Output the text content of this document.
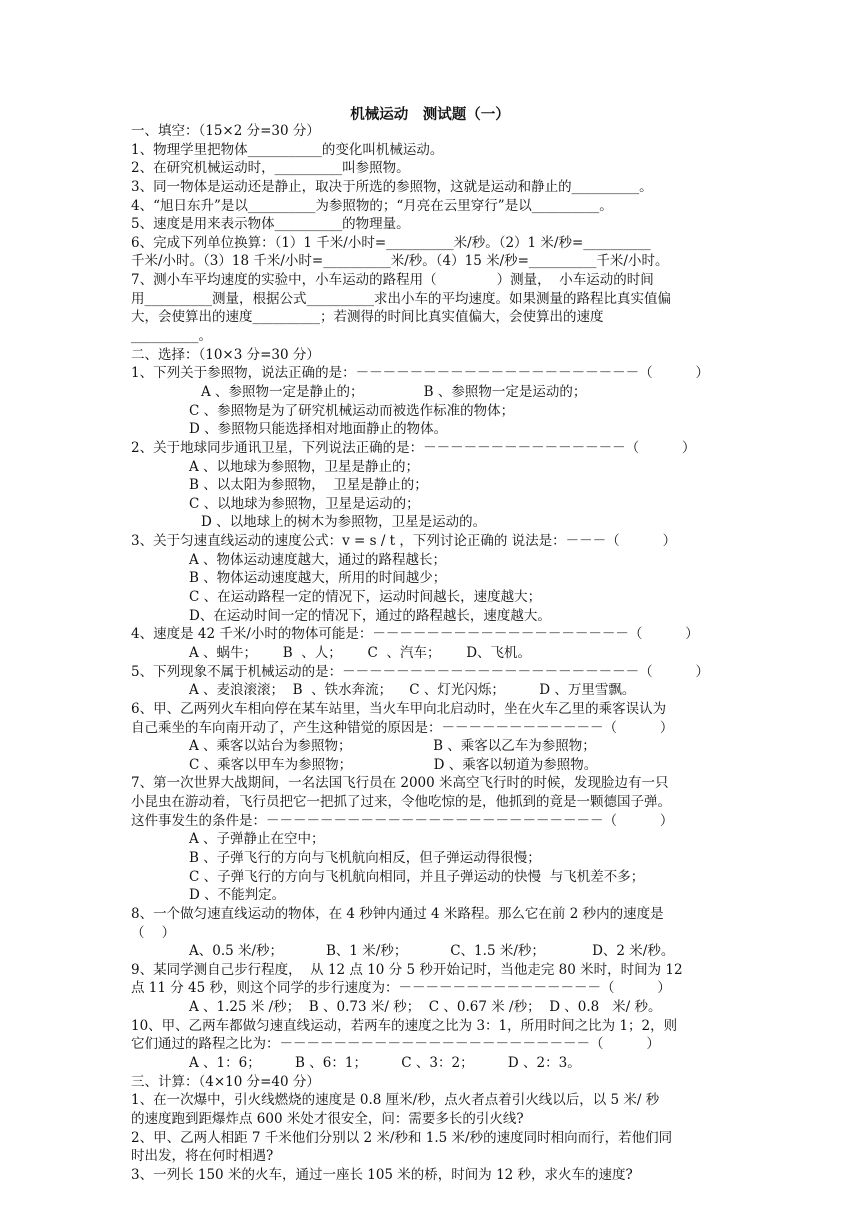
机械运动　测试题（一）
一、填空：（15×2 分=30 分）
1、物理学里把物体___________的变化叫机械运动。
2、在研究机械运动时，__________叫参照物。
3、同一物体是运动还是静止，取决于所选的参照物，这就是运动和静止的__________。
4、“旭日东升”是以__________为参照物的；“月亮在云里穿行”是以__________。
5、速度是用来表示物体__________的物理量。
6、完成下列单位换算：（1）1 千米/小时=__________米/秒。（2）1 米/秒=__________
千米/小时。（3）18 千米/小时=__________米/秒。（4）15 米/秒=__________千米/小时。
7、测小车平均速度的实验中，小车运动的路程用（              ）测量，  小车运动的时间
用__________测量，根据公式__________求出小车的平均速度。如果测量的路程比真实值偏
大，会使算出的速度__________；若测得的时间比真实值偏大，会使算出的速度
__________。
二、选择：（10×3 分=30 分）
1、下列关于参照物，说法正确的是：－－－－－－－－－－－－－－－－－－－－－（          ）
A 、参照物一定是静止的；              B 、参照物一定是运动的；
C 、参照物是为了研究机械运动而被选作标准的物体；
D 、参照物只能选择相对地面静止的物体。
2、关于地球同步通讯卫星，下列说法正确的是：－－－－－－－－－－－－－－－（          ）
A 、以地球为参照物，卫星是静止的；
B 、以太阳为参照物，  卫星是静止的；
C 、以地球为参照物，卫星是运动的；
D 、以地球上的树木为参照物，卫星是运动的。
3、关于匀速直线运动的速度公式：v = s / t ，下列讨论正确的 说法是：－－－（          ）
A 、物体运动速度越大，通过的路程越长；
B 、物体运动速度越大，所用的时间越少；
C 、在运动路程一定的情况下，运动时间越长，速度越大；
D、在运动时间一定的情况下，通过的路程越长，速度越大。
4、速度是 42 千米/小时的物体可能是：－－－－－－－－－－－－－－－－－－－（          ）
A 、蜗牛；      B  、人；      C  、汽车；      D、飞机。
5、下列现象不属于机械运动的是：－－－－－－－－－－－－－－－－－－－－－－（          ）
A 、麦浪滚滚；  B  、铁水奔流；    C 、灯光闪烁；        D 、万里雪飘。
6、甲、乙两列火车相向停在某车站里，当火车甲向北启动时，坐在火车乙里的乘客误认为
自己乘坐的车向南开动了，产生这种错觉的原因是：－－－－－－－－－－－－（          ）
A 、乘客以站台为参照物；                   B 、乘客以乙车为参照物；
C 、乘客以甲车为参照物；                   D 、乘客以轫道为参照物。
7、第一次世界大战期间，一名法国飞行员在 2000 米高空飞行时的时候，发现脸边有一只
小昆虫在游动着，飞行员把它一把抓了过来，令他吃惊的是，他抓到的竟是一颗德国子弹。
这件事发生的条件是：－－－－－－－－－－－－－－－－－－－－－－－－－（          ）
A 、子弹静止在空中；
B 、子弹飞行的方向与飞机航向相反，但子弹运动得很慢；
C 、子弹飞行的方向与飞机航向相同，并且子弹运动的快慢  与飞机差不多；
D 、不能判定。
8、一个做匀速直线运动的物体，在 4 秒钟内通过 4 米路程。那么它在前 2 秒内的速度是
（    ）
A、0.5 米/秒；          B、1 米/秒；          C、1.5 米/秒；           D、2 米/秒。
9、某同学测自己步行程度，  从 12 点 10 分 5 秒开始记时，当他走完 80 米时，时间为 12
点 11 分 45 秒，则这个同学的步行速度为：－－－－－－－－－－－－－－－（          ）
A 、1.25 米 /秒；  B 、0.73 米/ 秒；  C 、0.67 米 /秒；  D 、0.8   米/ 秒。
10、甲、乙两车都做匀速直线运动，若两车的速度之比为 3：1，所用时间之比为 1；2，则
它们通过的路程之比为：－－－－－－－－－－－－－－－－－－－－－－－（          ）
A 、1：6；        B 、6：1；        C 、3：2；        D 、2：3。
三、计算：（4×10 分=40 分）
1、在一次爆中，引火线燃烧的速度是 0.8 厘米/秒，点火者点着引火线以后，以 5 米/ 秒
的速度跑到距爆炸点 600 米处才很安全，问：需要多长的引火线?
2、甲、乙两人相距 7 千米他们分别以 2 米/秒和 1.5 米/秒的速度同时相向而行，若他们同
时出发，将在何时相遇?
3、一列长 150 米的火车，通过一座长 105 米的桥，时间为 12 秒，求火车的速度?
